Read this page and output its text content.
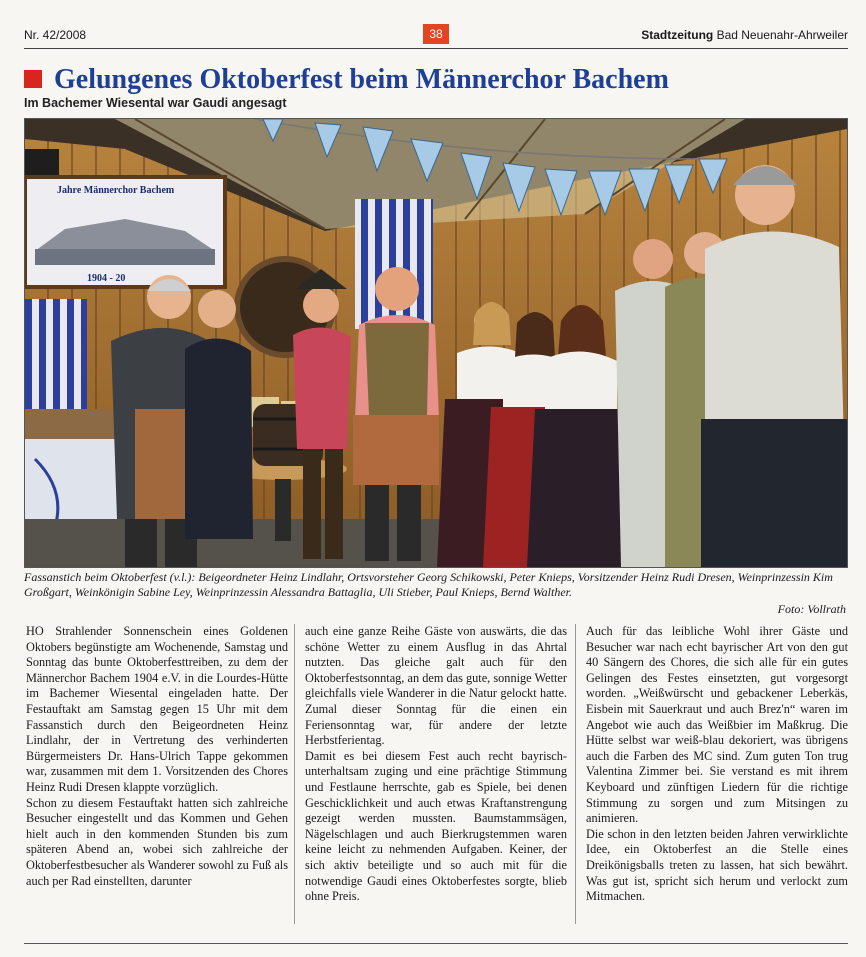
Nr. 42/2008	38	Stadtzeitung Bad Neuenahr-Ahrweiler
Gelungenes Oktoberfest beim Männerchor Bachem
Im Bachemer Wiesental war Gaudi angesagt
Jahre Männerchor Bachem
1904 - 20
Fassanstich beim Oktoberfest (v.l.): Beigeordneter Heinz Lindlahr, Ortsvorsteher Georg Schikowski, Peter Knieps, Vorsitzender Heinz Rudi Dresen, Weinprinzessin Kim Großgart, Weinkönigin Sabine Ley, Weinprinzessin Alessandra Battaglia, Uli Stieber, Paul Knieps, Bernd Walther.
Foto: Vollrath

HO Strahlender Sonnenschein eines Goldenen Oktobers begünstigte am Wochenende, Samstag und Sonntag das bunte Oktoberfesttreiben, zu dem der Männerchor Bachem 1904 e.V. in die Lourdes-Hütte im Bachemer Wiesental eingeladen hatte. Der Festauftakt am Samstag gegen 15 Uhr mit dem Fassanstich durch den Beigeordneten Heinz Lindlahr, der in Vertretung des verhinderten Bürgermeisters Dr. Hans-Ulrich Tappe gekommen war, zusammen mit dem 1. Vorsitzenden des Chores Heinz Rudi Dresen klappte vorzüglich.

Schon zu diesem Festauftakt hatten sich zahlreiche Besucher eingestellt und das Kommen und Gehen hielt auch in den kommenden Stunden bis zum späteren Abend an, wobei sich zahlreiche der Oktoberfestbesucher als Wanderer sowohl zu Fuß als auch per Rad einstellten, darunter

auch eine ganze Reihe Gäste von auswärts, die das schöne Wetter zu einem Ausflug in das Ahrtal nutzten. Das gleiche galt auch für den Oktoberfestsonntag, an dem das gute, sonnige Wetter gleichfalls viele Wanderer in die Natur gelockt hatte. Zumal dieser Sonntag für die einen ein Feriensonntag war, für andere der letzte Herbstferientag.

Damit es bei diesem Fest auch recht bayrisch-unterhaltsam zuging und eine prächtige Stimmung und Festlaune herrschte, gab es Spiele, bei denen Geschicklichkeit und auch etwas Kraftanstrengung gezeigt werden mussten. Baumstammsägen, Nägelschlagen und auch Bierkrugstemmen waren keine leicht zu nehmenden Aufgaben. Keiner, der sich aktiv beteiligte und so auch mit für die notwendige Gaudi eines Oktoberfestes sorgte, blieb ohne Preis.

Auch für das leibliche Wohl ihrer Gäste und Besucher war nach echt bayrischer Art von den gut 40 Sängern des Chores, die sich alle für ein gutes Gelingen des Festes einsetzten, gut vorgesorgt worden. „Weißwürscht und gebackener Leberkäs, Eisbein mit Sauerkraut und auch Brez'n“ waren im Angebot wie auch das Weißbier im Maßkrug. Die Hütte selbst war weiß-blau dekoriert, was übrigens auch die Farben des MC sind. Zum guten Ton trug Valentina Zimmer bei. Sie verstand es mit ihrem Keyboard und zünftigen Liedern für die richtige Stimmung zu sorgen und zum Mitsingen zu animieren.

Die schon in den letzten beiden Jahren verwirklichte Idee, ein Oktoberfest an die Stelle eines Dreikönigsballs treten zu lassen, hat sich bewährt. Was gut ist, spricht sich herum und verlockt zum Mitmachen.
